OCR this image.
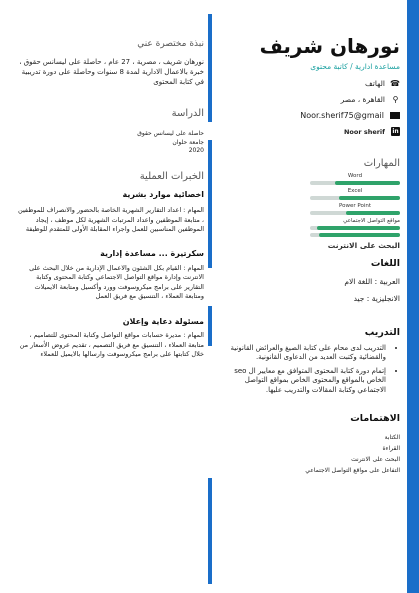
نورهان شريف
مساعدة ادارية / كاتبة محتوى
☎
الهاتف
⚲
القاهرة ، مصر
Noor.sherif75@gmail
in
Noor sherif
المهارات
Word
Excel
Power Point
مواقع التواصل الاجتماعي
البحث على الانترنت
اللغات
العربية : اللغة الام
الانجليزية : جيد
التدريب
• التدريب لدى محام على كتابة الصيغ والعرائض القانونية والقضائية وكتبت العديد من الدعاوى القانونية.
• إتمام دورة كتابة المحتوى المتوافق مع معايير ال seo الخاص بالمواقع والمحتوى الخاص بمواقع التواصل الاجتماعي وكتابة المقالات والتدريب عليها.
الاهتمامات
الكتابة
القراءة
البحث على الانترنت
التفاعل على مواقع التواصل الاجتماعي
نبذة مختصرة عني
نورهان شريف ، مصرية ، 27 عام ، حاصلة على ليسانس حقوق ، خبرة بالاعمال الادارية لمدة 8 سنوات وحاصلة على دورة تدريبية في كتابة المحتوى
الدراسة
حاصلة على ليسانس حقوق
جامعة حلوان
2020
الخبرات العملية
اخصائية موارد بشرية
المهام : اعداد التقارير الشهرية الخاصة بالحضور والانصراف للموظفين ، متابعة الموظفين واعداد المرتبات الشهرية لكل موظف ، إيجاد الموظفين المناسبين للعمل واجراء المقابلة الأولى للمتقدم للوظيفة
سكرتيرة ... مساعدة إدارية
المهام : القيام بكل الشئون والاعمال الإدارية من خلال البحث على الانترنت وإدارة مواقع التواصل الاجتماعي وكتابة المحتوى وكتابة التقارير على برامج ميكروسوفت وورد وأكسيل ومتابعة الايميلات ومتابعة العملاء ، التنسيق مع فريق العمل
مسئولة دعاية وإعلان
المهام : مديرة حسابات مواقع التواصل وكتابة المحتوى للتصاميم ، متابعة العملاء ، التنسيق مع فريق التصميم ، تقديم عروض الأسعار من خلال كتابتها على برامج ميكروسوفت وارسالها بالايميل للعملاء
